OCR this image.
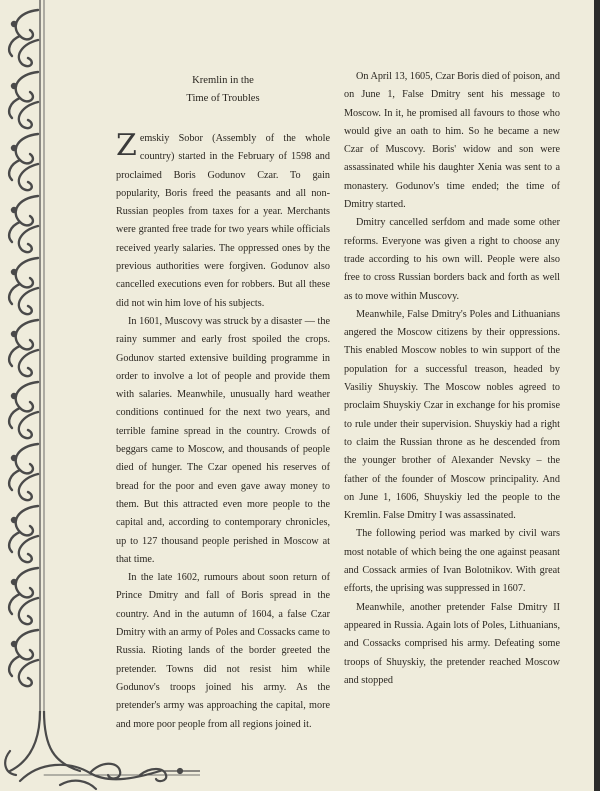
Kremlin in the
Time of Troubles

Zemskiy Sobor (Assembly of the whole country) started in the February of 1598 and proclaimed Boris Godunov Czar. To gain popularity, Boris freed the peasants and all non-Russian peoples from taxes for a year. Merchants were granted free trade for two years while officials received yearly salaries. The oppressed ones by the previous authorities were forgiven. Godunov also cancelled executions even for robbers. But all these did not win him love of his subjects.

In 1601, Muscovy was struck by a disaster — the rainy summer and early frost spoiled the crops. Godunov started extensive building programme in order to involve a lot of people and provide them with salaries. Meanwhile, unusually hard weather conditions continued for the next two years, and terrible famine spread in the country. Crowds of beggars came to Moscow, and thousands of people died of hunger. The Czar opened his reserves of bread for the poor and even gave away money to them. But this attracted even more people to the capital and, according to contemporary chronicles, up to 127 thousand people perished in Moscow at that time.

In the late 1602, rumours about soon return of Prince Dmitry and fall of Boris spread in the country. And in the autumn of 1604, a false Czar Dmitry with an army of Poles and Cossacks came to Russia. Rioting lands of the border greeted the pretender. Towns did not resist him while Godunov's troops joined his army. As the pretender's army was approaching the capital, more and more poor people from all regions joined it.

On April 13, 1605, Czar Boris died of poison, and on June 1, False Dmitry sent his message to Moscow. In it, he promised all favours to those who would give an oath to him. So he became a new Czar of Muscovy. Boris' widow and son were assassinated while his daughter Xenia was sent to a monastery. Godunov's time ended; the time of Dmitry started.

Dmitry cancelled serfdom and made some other reforms. Everyone was given a right to choose any trade according to his own will. People were also free to cross Russian borders back and forth as well as to move within Muscovy.

Meanwhile, False Dmitry's Poles and Lithuanians angered the Moscow citizens by their oppressions. This enabled Moscow nobles to win support of the population for a successful treason, headed by Vasiliy Shuyskiy. The Moscow nobles agreed to proclaim Shuyskiy Czar in exchange for his promise to rule under their supervision. Shuyskiy had a right to claim the Russian throne as he descended from the younger brother of Alexander Nevsky – the father of the founder of Moscow principality. And on June 1, 1606, Shuyskiy led the people to the Kremlin. False Dmitry I was assassinated.

The following period was marked by civil wars most notable of which being the one against peasant and Cossack armies of Ivan Bolotnikov. With great efforts, the uprising was suppressed in 1607.

Meanwhile, another pretender False Dmitry II appeared in Russia. Again lots of Poles, Lithuanians, and Cossacks comprised his army. Defeating some troops of Shuyskiy, the pretender reached Moscow and stopped
